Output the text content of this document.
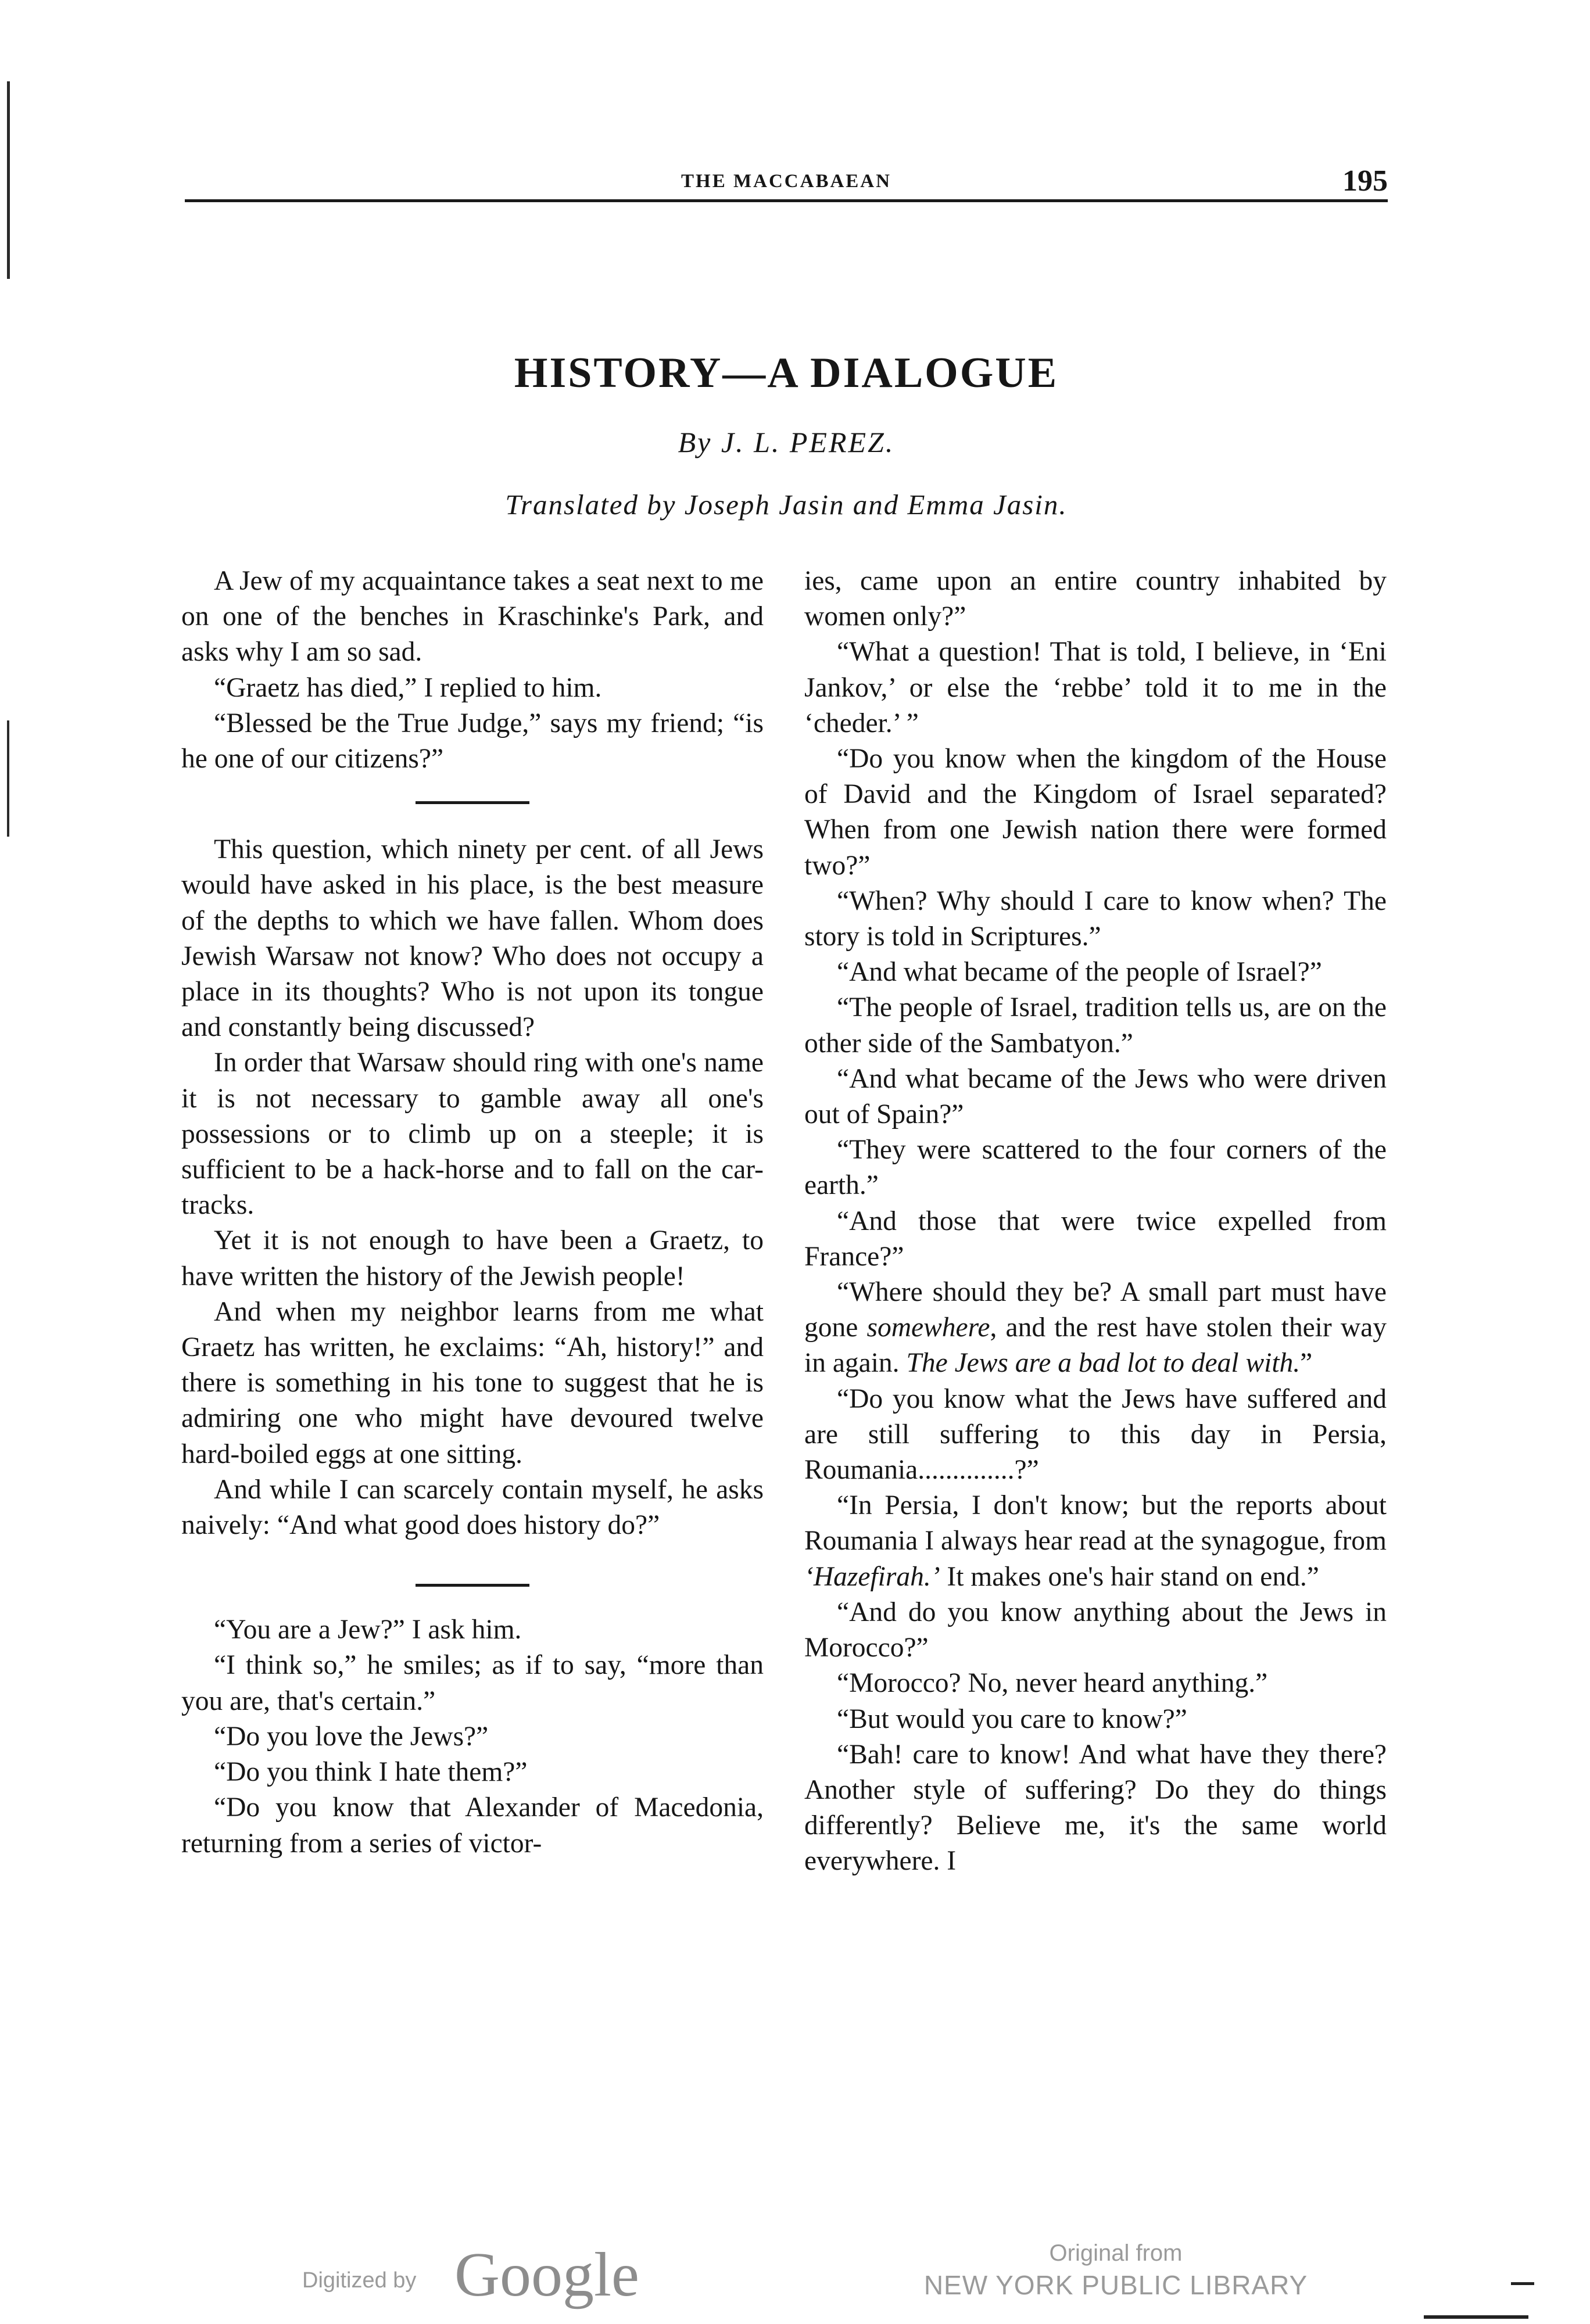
THE MACCABAEAN	195
HISTORY—A DIALOGUE
By J. L. PEREZ.
Translated by Joseph Jasin and Emma Jasin.

A Jew of my acquaintance takes a seat next to me on one of the benches in Kraschinke's Park, and asks why I am so sad.

“Graetz has died,” I replied to him.

“Blessed be the True Judge,” says my friend; “is he one of our citizens?”

This question, which ninety per cent. of all Jews would have asked in his place, is the best measure of the depths to which we have fallen. Whom does Jewish Warsaw not know? Who does not occupy a place in its thoughts? Who is not upon its tongue and constantly being discussed?

In order that Warsaw should ring with one's name it is not necessary to gamble away all one's possessions or to climb up on a steeple; it is sufficient to be a hack-horse and to fall on the car-tracks.

Yet it is not enough to have been a Graetz, to have written the history of the Jewish people!

And when my neighbor learns from me what Graetz has written, he exclaims: “Ah, history!” and there is something in his tone to suggest that he is admiring one who might have devoured twelve hard-boiled eggs at one sitting.

And while I can scarcely contain myself, he asks naively: “And what good does history do?”

“You are a Jew?” I ask him.

“I think so,” he smiles; as if to say, “more than you are, that's certain.”

“Do you love the Jews?”

“Do you think I hate them?”

“Do you know that Alexander of Macedonia, returning from a series of victor-

ies, came upon an entire country inhabited by women only?”

“What a question! That is told, I believe, in ‘Eni Jankov,’ or else the ‘rebbe’ told it to me in the ‘cheder.’ ”

“Do you know when the kingdom of the House of David and the Kingdom of Israel separated? When from one Jewish nation there were formed two?”

“When? Why should I care to know when? The story is told in Scriptures.”

“And what became of the people of Israel?”

“The people of Israel, tradition tells us, are on the other side of the Sambatyon.”

“And what became of the Jews who were driven out of Spain?”

“They were scattered to the four corners of the earth.”

“And those that were twice expelled from France?”

“Where should they be? A small part must have gone somewhere, and the rest have stolen their way in again. The Jews are a bad lot to deal with.”

“Do you know what the Jews have suffered and are still suffering to this day in Persia, Roumania..............?”

“In Persia, I don't know; but the reports about Roumania I always hear read at the synagogue, from ‘Hazefirah.’ It makes one's hair stand on end.”

“And do you know anything about the Jews in Morocco?”

“Morocco? No, never heard anything.”

“But would you care to know?”

“Bah! care to know! And what have they there? Another style of suffering? Do they do things differently? Believe me, it's the same world everywhere. I

Digitized by Google	Original from
NEW YORK PUBLIC LIBRARY
